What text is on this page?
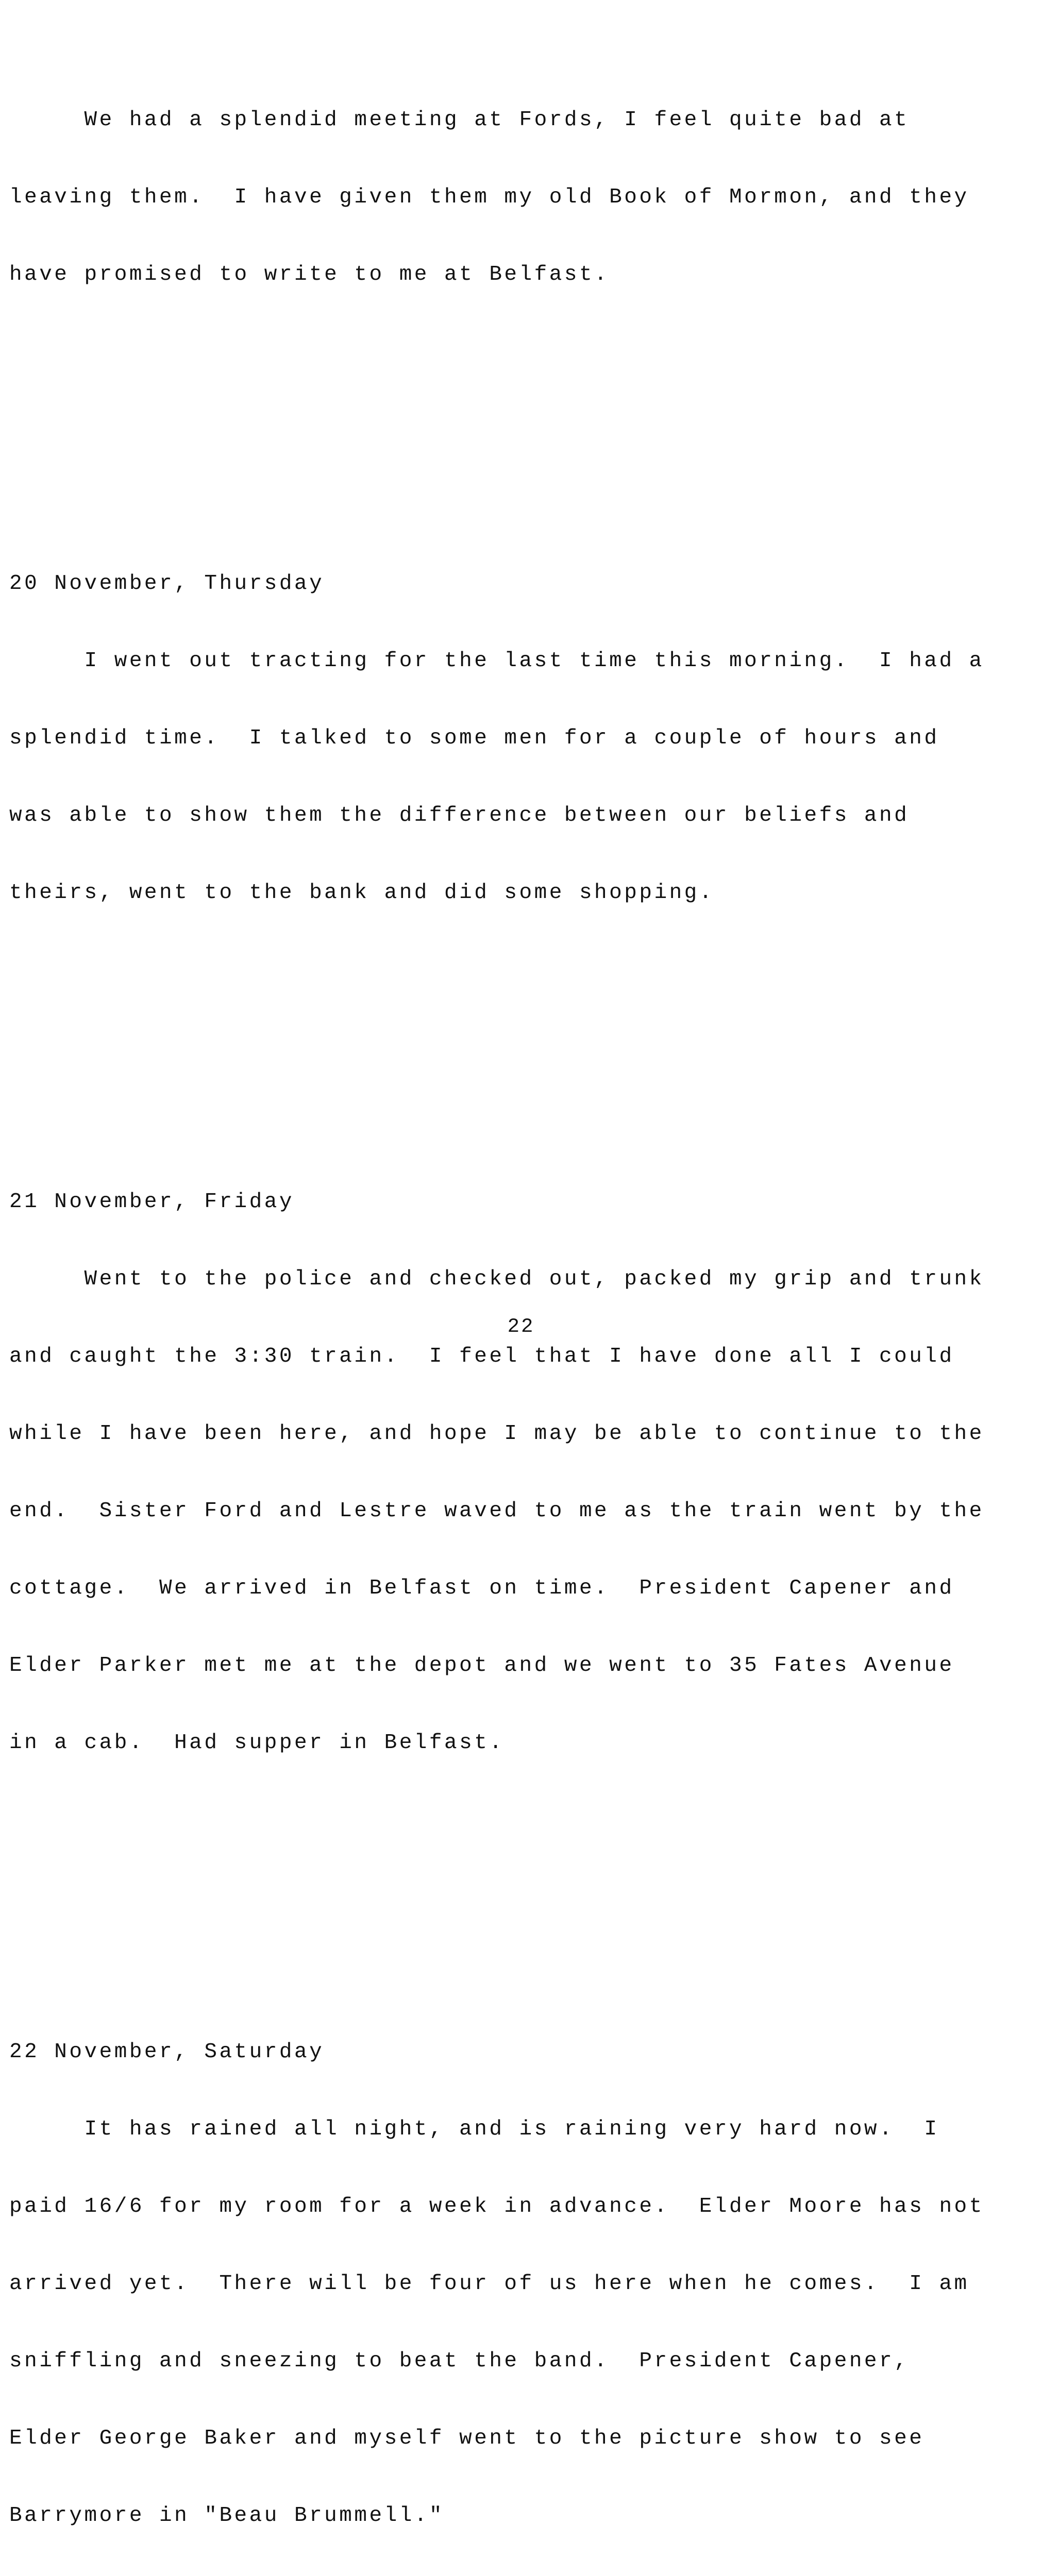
We had a splendid meeting at Fords, I feel quite bad at

leaving them.  I have given them my old Book of Mormon, and they

have promised to write to me at Belfast.

20 November, Thursday

I went out tracting for the last time this morning.  I had a

splendid time.  I talked to some men for a couple of hours and

was able to show them the difference between our beliefs and

theirs, went to the bank and did some shopping.

21 November, Friday

Went to the police and checked out, packed my grip and trunk

and caught the 3:30 train.  I feel that I have done all I could

while I have been here, and hope I may be able to continue to the

end.  Sister Ford and Lestre waved to me as the train went by the

cottage.  We arrived in Belfast on time.  President Capener and

Elder Parker met me at the depot and we went to 35 Fates Avenue

in a cab.  Had supper in Belfast.

22 November, Saturday

It has rained all night, and is raining very hard now.  I

paid 16/6 for my room for a week in advance.  Elder Moore has not

arrived yet.  There will be four of us here when he comes.  I am

sniffling and sneezing to beat the band.  President Capener,

Elder George Baker and myself went to the picture show to see

Barrymore in "Beau Brummell."

22
